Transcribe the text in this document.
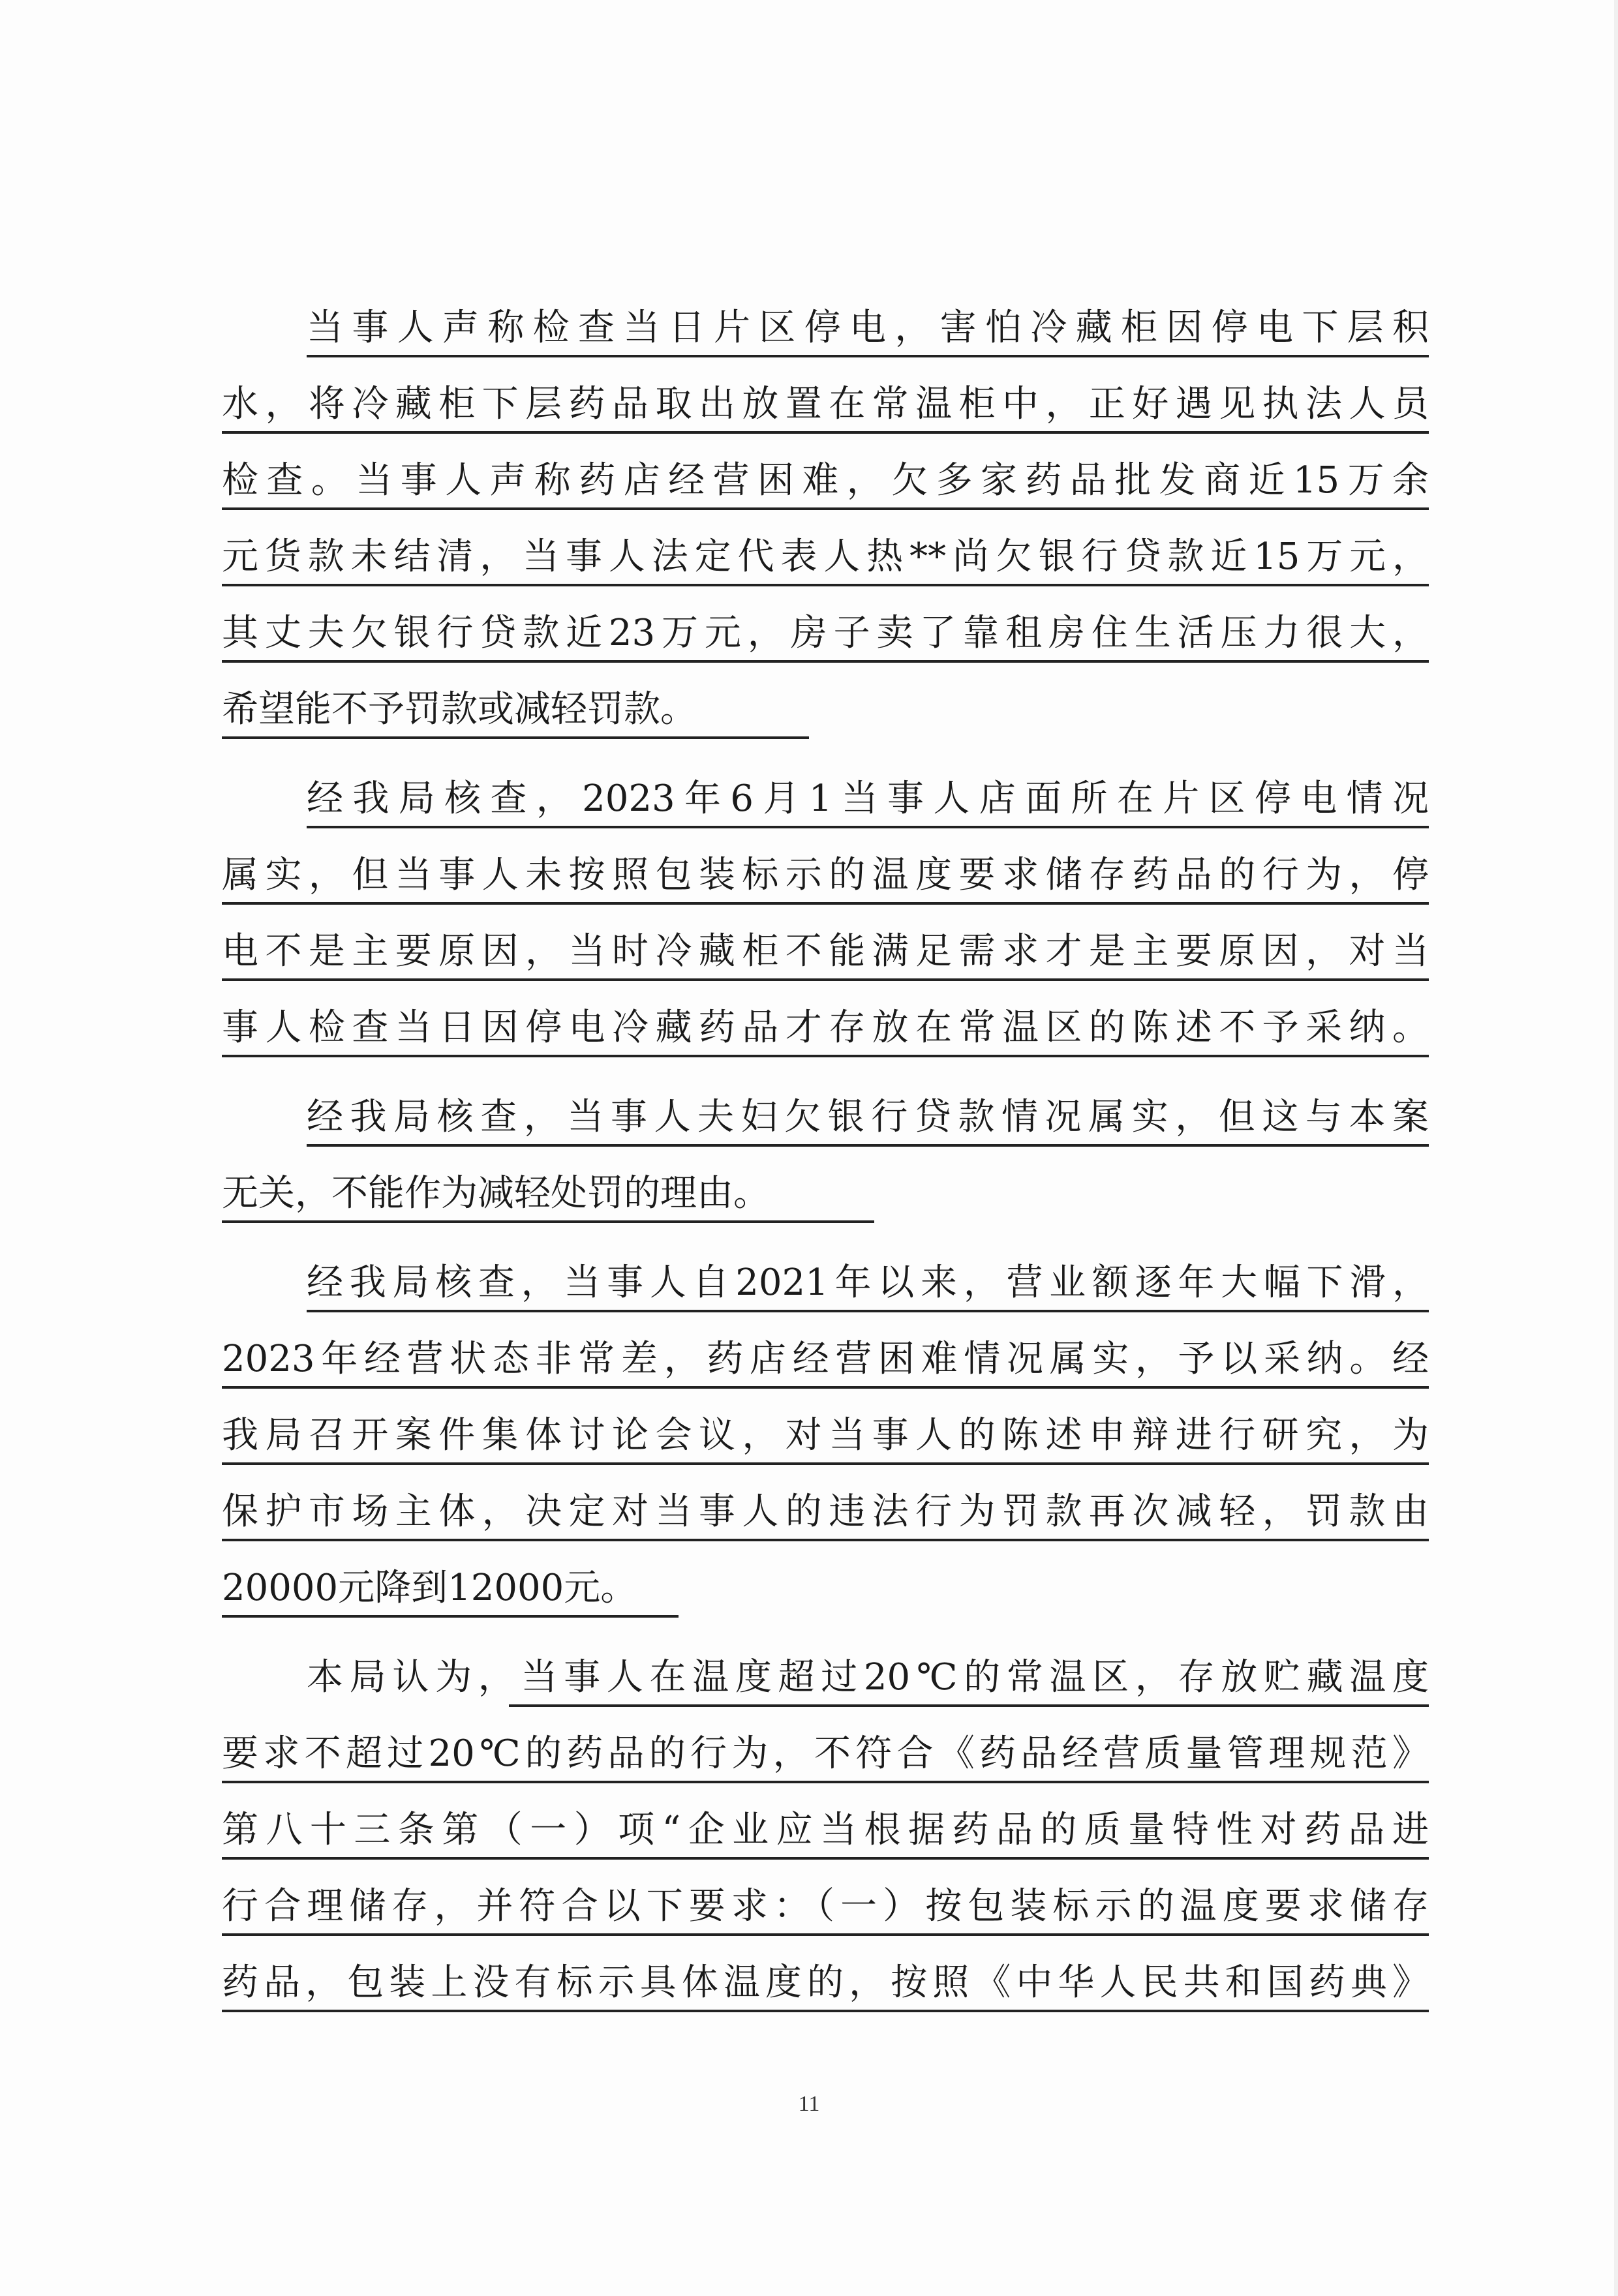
当事人声称检查当日片区停电，害怕冷藏柜因停电下层积
水，将冷藏柜下层药品取出放置在常温柜中，正好遇见执法人员
检查。当事人声称药店经营困难，欠多家药品批发商近15万余
元货款未结清，当事人法定代表人热**尚欠银行贷款近15万元，
其丈夫欠银行贷款近23万元，房子卖了靠租房住生活压力很大，
希望能不予罚款或减轻罚款。
经我局核查，2023年6月1当事人店面所在片区停电情况
属实，但当事人未按照包装标示的温度要求储存药品的行为，停
电不是主要原因，当时冷藏柜不能满足需求才是主要原因，对当
事人检查当日因停电冷藏药品才存放在常温区的陈述不予采纳。
经我局核查，当事人夫妇欠银行贷款情况属实，但这与本案
无关，不能作为减轻处罚的理由。
经我局核查，当事人自2021年以来，营业额逐年大幅下滑，
2023年经营状态非常差，药店经营困难情况属实，予以采纳。经
我局召开案件集体讨论会议，对当事人的陈述申辩进行研究，为
保护市场主体，决定对当事人的违法行为罚款再次减轻，罚款由
20000元降到12000元。
本局认为，当事人在温度超过20℃的常温区，存放贮藏温度
要求不超过20℃的药品的行为，不符合《药品经营质量管理规范》
第八十三条第（一）项“企业应当根据药品的质量特性对药品进
行合理储存，并符合以下要求：（一）按包装标示的温度要求储存
药品，包装上没有标示具体温度的，按照《中华人民共和国药典》
11
